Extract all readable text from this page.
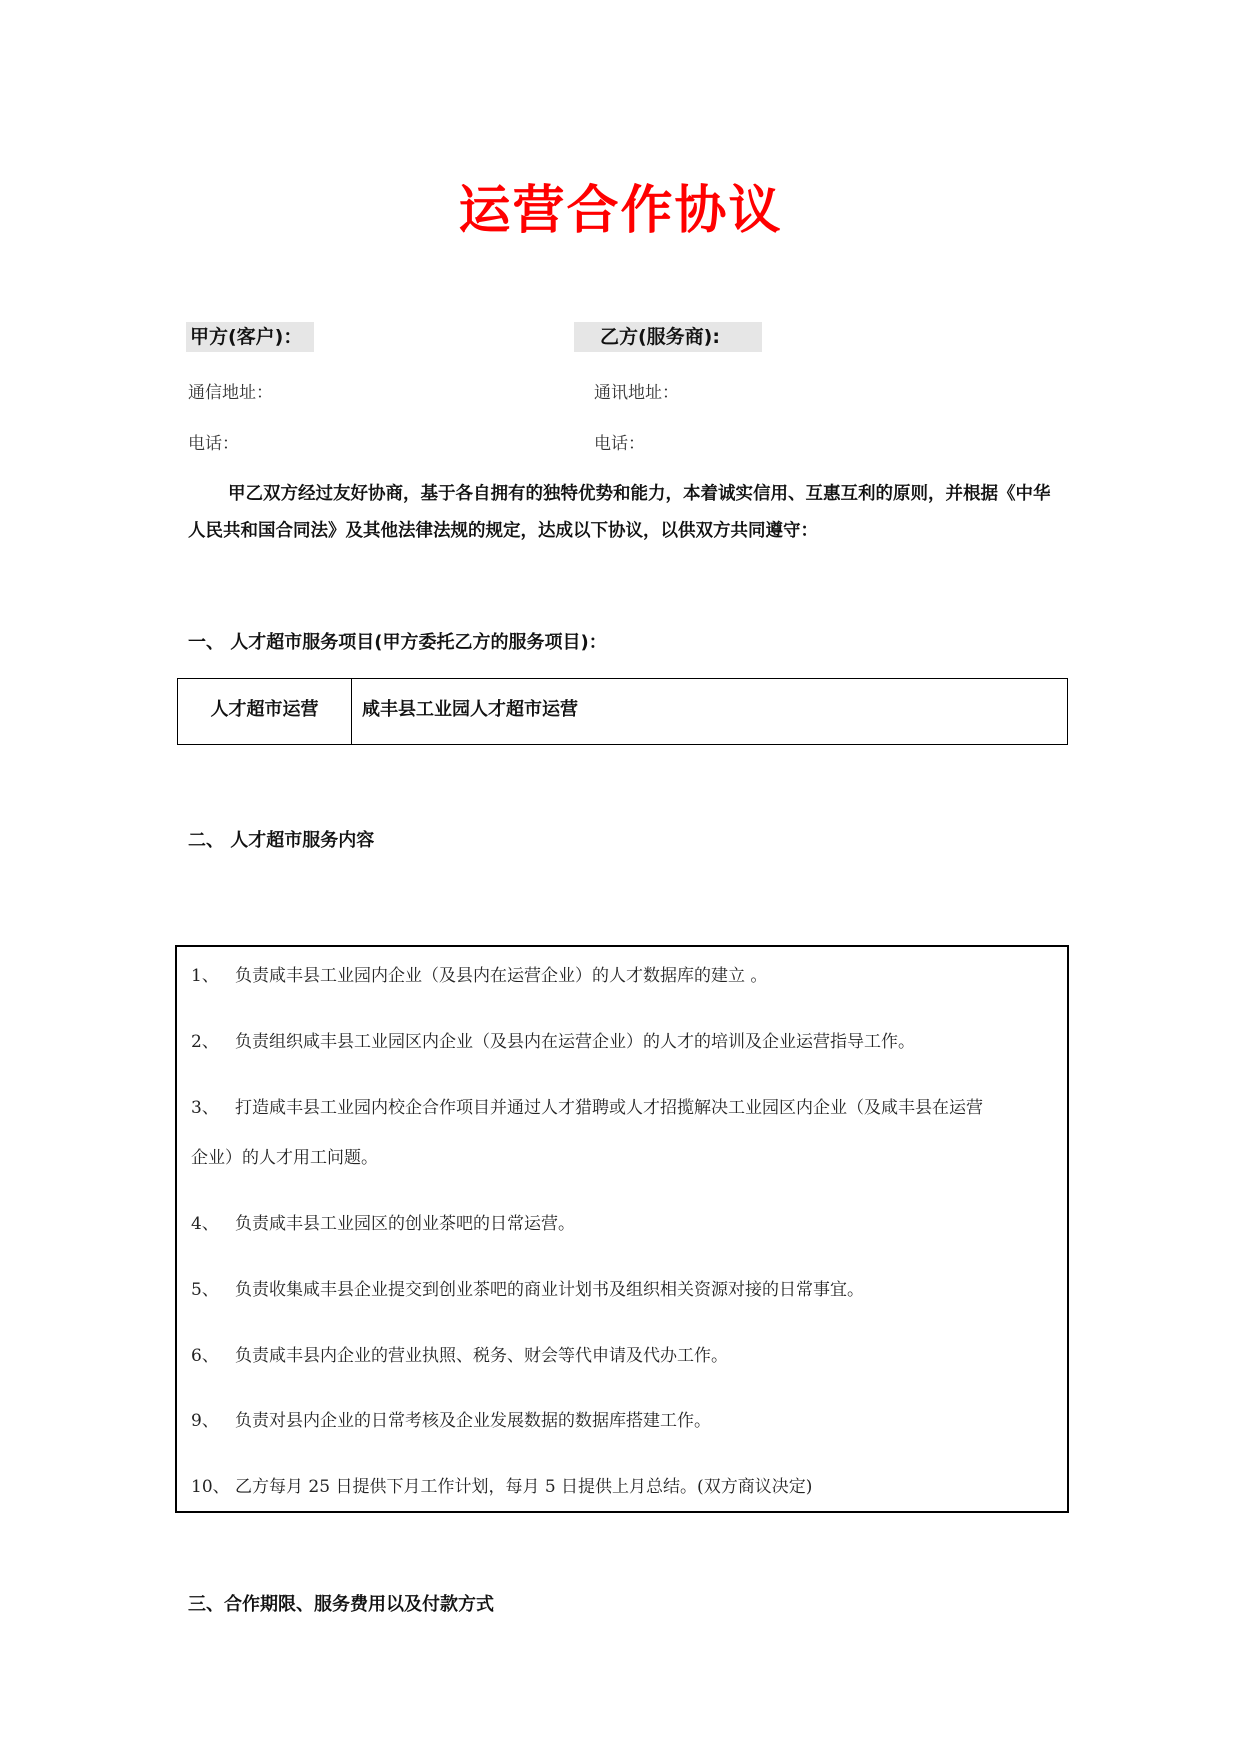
运营合作协议
甲方(客户)：	乙方(服务商):
通信地址：	通讯地址：
电话：	电话：
甲乙双方经过友好协商，基于各自拥有的独特优势和能力，本着诚实信用、互惠互利的原则，并根据《中华人民共和国合同法》及其他法律法规的规定，达成以下协议，以供双方共同遵守：
一、 人才超市服务项目(甲方委托乙方的服务项目)：
人才超市运营	咸丰县工业园人才超市运营
二、 人才超市服务内容
1、 负责咸丰县工业园内企业（及县内在运营企业）的人才数据库的建立 。
2、 负责组织咸丰县工业园区内企业（及县内在运营企业）的人才的培训及企业运营指导工作。
3、 打造咸丰县工业园内校企合作项目并通过人才猎聘或人才招揽解决工业园区内企业（及咸丰县在运营
企业）的人才用工问题。
4、 负责咸丰县工业园区的创业茶吧的日常运营。
5、 负责收集咸丰县企业提交到创业茶吧的商业计划书及组织相关资源对接的日常事宜。
6、 负责咸丰县内企业的营业执照、税务、财会等代申请及代办工作。
9、 负责对县内企业的日常考核及企业发展数据的数据库搭建工作。
10、 乙方每月 25 日提供下月工作计划，每月 5 日提供上月总结。(双方商议决定)
三、合作期限、服务费用以及付款方式
